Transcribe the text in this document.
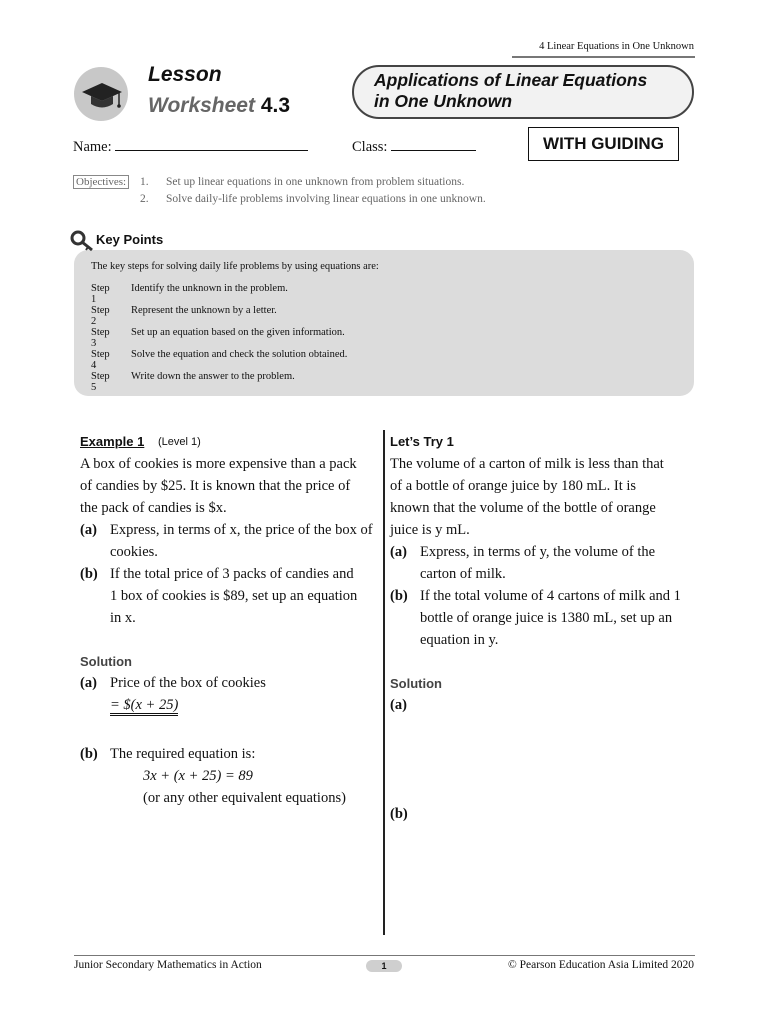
4 Linear Equations in One Unknown
Lesson
Worksheet 4.3
Applications of Linear Equations
in One Unknown
Name:	Class:	WITH GUIDING
Objectives: 1. Set up linear equations in one unknown from problem situations.
2. Solve daily-life problems involving linear equations in one unknown.
Key Points
The key steps for solving daily life problems by using equations are:
Step 1
Identify the unknown in the problem.
Step 2
Represent the unknown by a letter.
Step 3
Set up an equation based on the given information.
Step 4
Solve the equation and check the solution obtained.
Step 5
Write down the answer to the problem.
Example 1 (Level 1)
A box of cookies is more expensive than a pack
of candies by $25. It is known that the price of
the pack of candies is $x.
(a) Express, in terms of x, the price of the box of cookies.
(b) If the total price of 3 packs of candies and 1 box of cookies is $89, set up an equation in x.
Solution
(a) Price of the box of cookies
= $(x + 25)
(b) The required equation is:
3x + (x + 25) = 89
(or any other equivalent equations)
Let’s Try 1
The volume of a carton of milk is less than that
of a bottle of orange juice by 180 mL. It is
known that the volume of the bottle of orange
juice is y mL.
(a) Express, in terms of y, the volume of the carton of milk.
(b) If the total volume of 4 cartons of milk and 1 bottle of orange juice is 1380 mL, set up an equation in y.
Solution
(a)
(b)
Junior Secondary Mathematics in Action	1	© Pearson Education Asia Limited 2020
